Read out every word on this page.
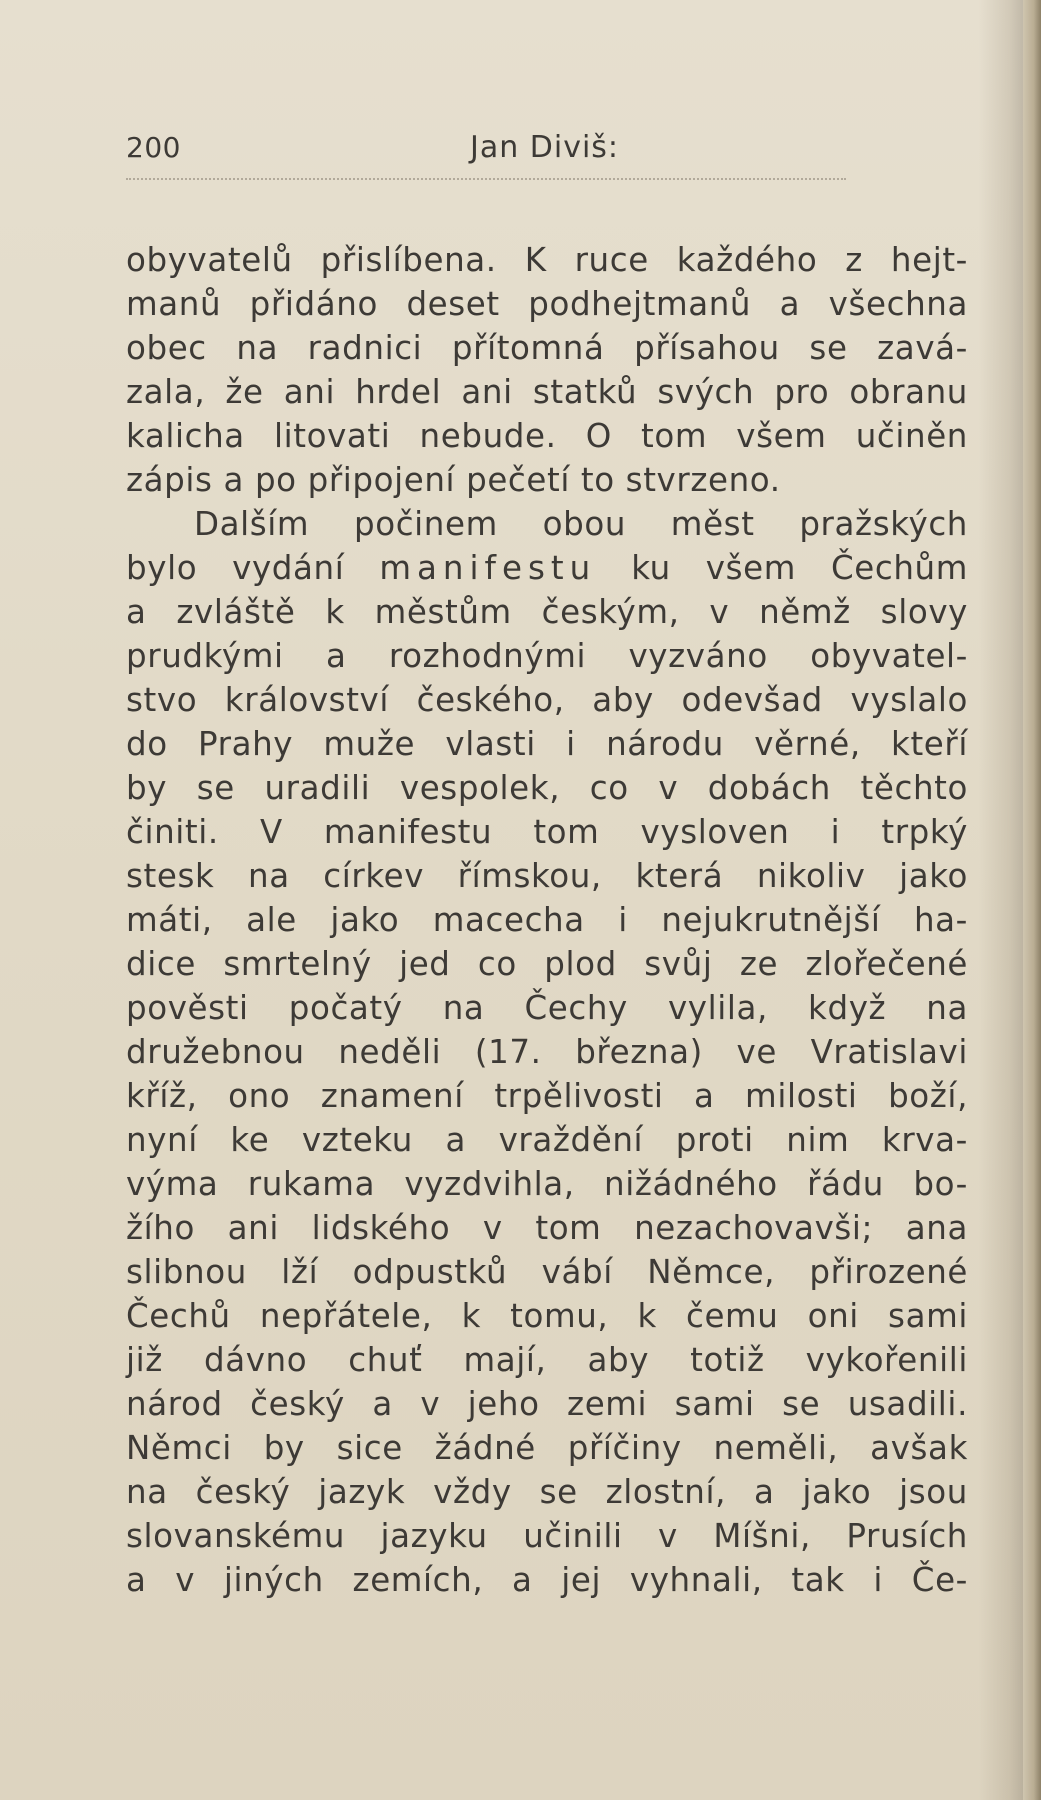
200	Jan Diviš:
obyvatelů přislíbena. K ruce každého z hejt-
manů přidáno deset podhejtmanů a všechna
obec na radnici přítomná přísahou se zavá-
zala, že ani hrdel ani statků svých pro obranu
kalicha litovati nebude. O tom všem učiněn
zápis a po připojení pečetí to stvrzeno.
Dalším počinem obou měst pražských
bylo vydání manifestu ku všem Čechům
a zvláště k městům českým, v němž slovy
prudkými a rozhodnými vyzváno obyvatel-
stvo království českého, aby odevšad vyslalo
do Prahy muže vlasti i národu věrné, kteří
by se uradili vespolek, co v dobách těchto
činiti. V manifestu tom vysloven i trpký
stesk na církev římskou, která nikoliv jako
máti, ale jako macecha i nejukrutnější ha-
dice smrtelný jed co plod svůj ze zlořečené
pověsti počatý na Čechy vylila, když na
družebnou neděli (17. března) ve Vratislavi
kříž, ono znamení trpělivosti a milosti boží,
nyní ke vzteku a vraždění proti nim krva-
výma rukama vyzdvihla, nižádného řádu bo-
žího ani lidského v tom nezachovavši; ana
slibnou lží odpustků vábí Němce, přirozené
Čechů nepřátele, k tomu, k čemu oni sami
již dávno chuť mají, aby totiž vykořenili
národ český a v jeho zemi sami se usadili.
Němci by sice žádné příčiny neměli, avšak
na český jazyk vždy se zlostní, a jako jsou
slovanskému jazyku učinili v Míšni, Prusích
a v jiných zemích, a jej vyhnali, tak i Če-
